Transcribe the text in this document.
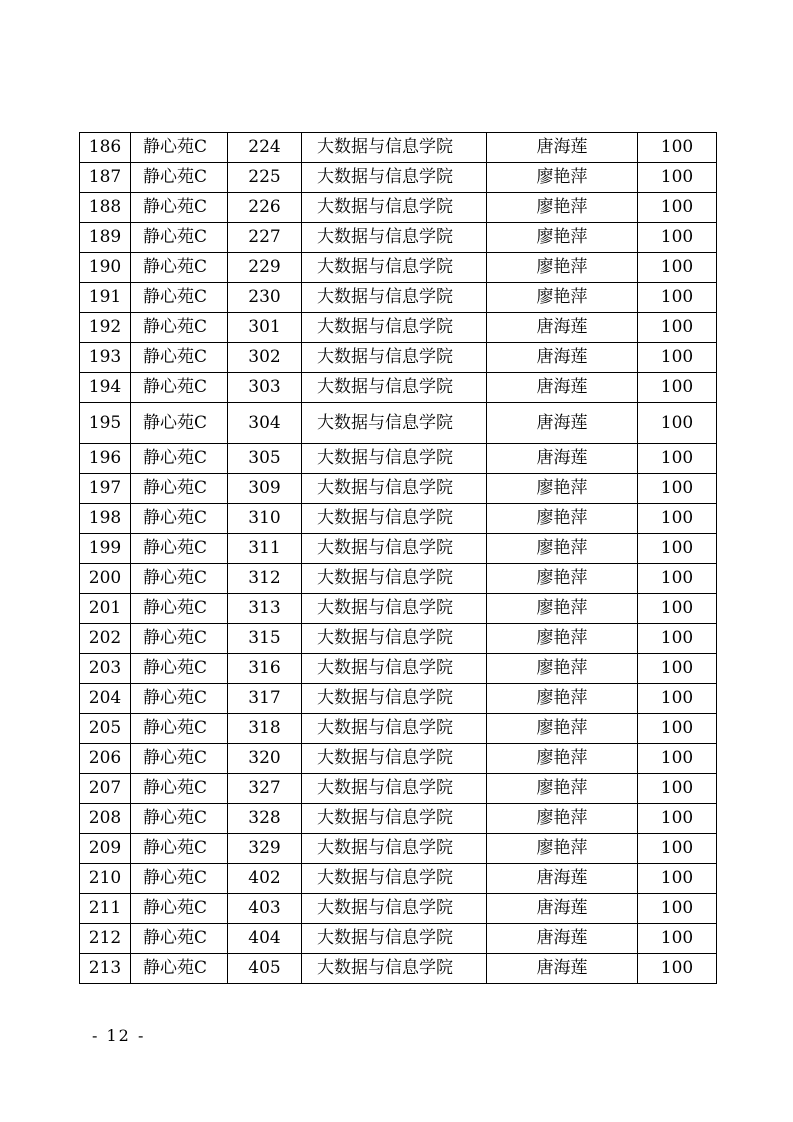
186	静心苑C	224	大数据与信息学院	唐海莲	100
187	静心苑C	225	大数据与信息学院	廖艳萍	100
188	静心苑C	226	大数据与信息学院	廖艳萍	100
189	静心苑C	227	大数据与信息学院	廖艳萍	100
190	静心苑C	229	大数据与信息学院	廖艳萍	100
191	静心苑C	230	大数据与信息学院	廖艳萍	100
192	静心苑C	301	大数据与信息学院	唐海莲	100
193	静心苑C	302	大数据与信息学院	唐海莲	100
194	静心苑C	303	大数据与信息学院	唐海莲	100
195	静心苑C	304	大数据与信息学院	唐海莲	100
196	静心苑C	305	大数据与信息学院	唐海莲	100
197	静心苑C	309	大数据与信息学院	廖艳萍	100
198	静心苑C	310	大数据与信息学院	廖艳萍	100
199	静心苑C	311	大数据与信息学院	廖艳萍	100
200	静心苑C	312	大数据与信息学院	廖艳萍	100
201	静心苑C	313	大数据与信息学院	廖艳萍	100
202	静心苑C	315	大数据与信息学院	廖艳萍	100
203	静心苑C	316	大数据与信息学院	廖艳萍	100
204	静心苑C	317	大数据与信息学院	廖艳萍	100
205	静心苑C	318	大数据与信息学院	廖艳萍	100
206	静心苑C	320	大数据与信息学院	廖艳萍	100
207	静心苑C	327	大数据与信息学院	廖艳萍	100
208	静心苑C	328	大数据与信息学院	廖艳萍	100
209	静心苑C	329	大数据与信息学院	廖艳萍	100
210	静心苑C	402	大数据与信息学院	唐海莲	100
211	静心苑C	403	大数据与信息学院	唐海莲	100
212	静心苑C	404	大数据与信息学院	唐海莲	100
213	静心苑C	405	大数据与信息学院	唐海莲	100
- 12 -
